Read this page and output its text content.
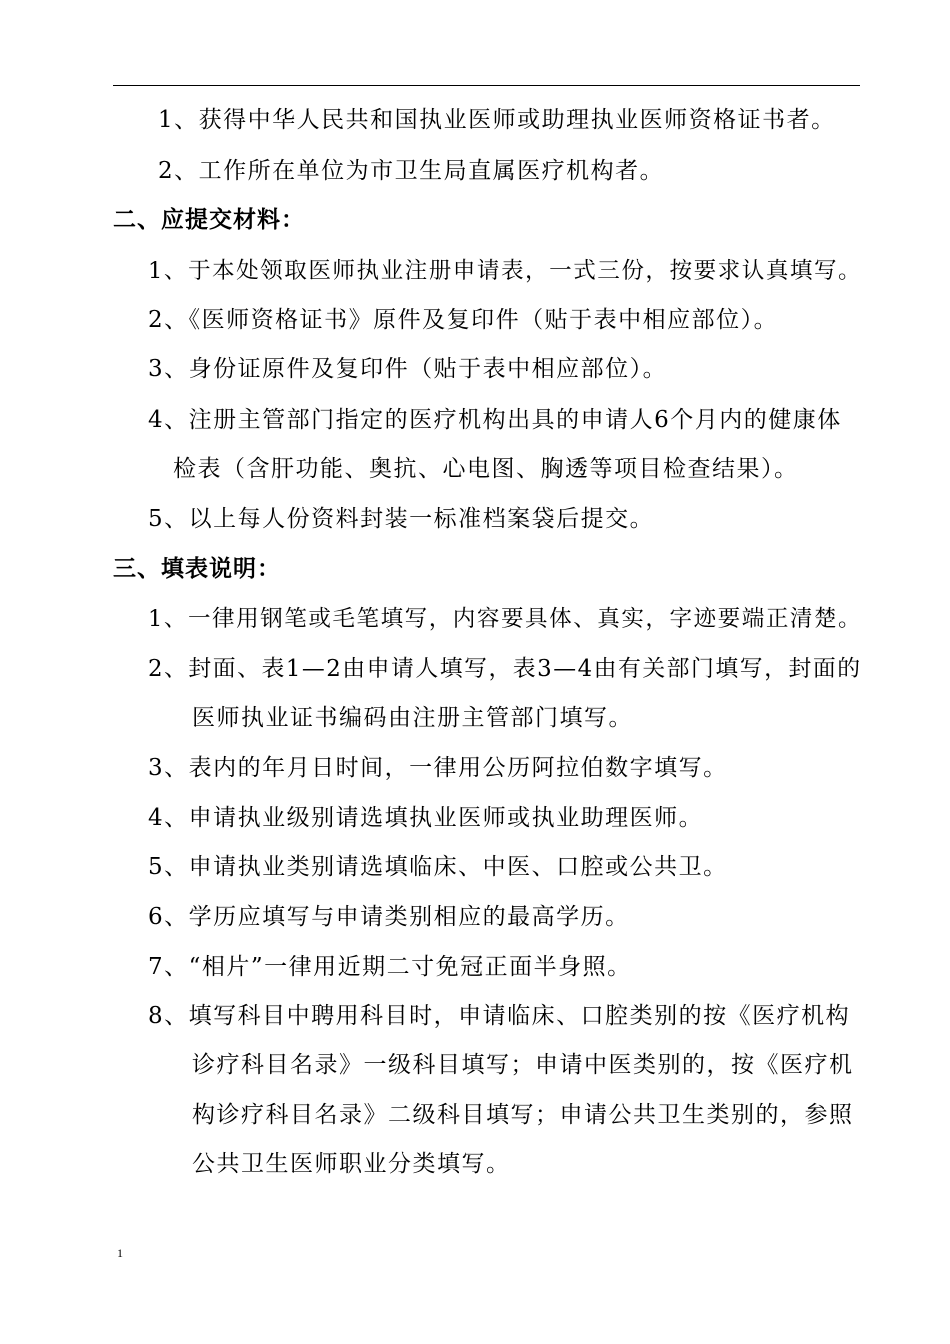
1、获得中华人民共和国执业医师或助理执业医师资格证书者。
2、工作所在单位为市卫生局直属医疗机构者。
二、应提交材料：
1、于本处领取医师执业注册申请表，一式三份，按要求认真填写。
2、《医师资格证书》原件及复印件（贴于表中相应部位）。
3、身份证原件及复印件（贴于表中相应部位）。
4、注册主管部门指定的医疗机构出具的申请人6个月内的健康体
检表（含肝功能、奥抗、心电图、胸透等项目检查结果）。
5、以上每人份资料封装一标准档案袋后提交。
三、填表说明：
1、一律用钢笔或毛笔填写，内容要具体、真实，字迹要端正清楚。
2、封面、表1—2由申请人填写，表3—4由有关部门填写，封面的
医师执业证书编码由注册主管部门填写。
3、表内的年月日时间，一律用公历阿拉伯数字填写。
4、申请执业级别请选填执业医师或执业助理医师。
5、申请执业类别请选填临床、中医、口腔或公共卫。
6、学历应填写与申请类别相应的最高学历。
7、“相片”一律用近期二寸免冠正面半身照。
8、填写科目中聘用科目时，申请临床、口腔类别的按《医疗机构
诊疗科目名录》一级科目填写；申请中医类别的，按《医疗机
构诊疗科目名录》二级科目填写；申请公共卫生类别的，参照
公共卫生医师职业分类填写。
1
